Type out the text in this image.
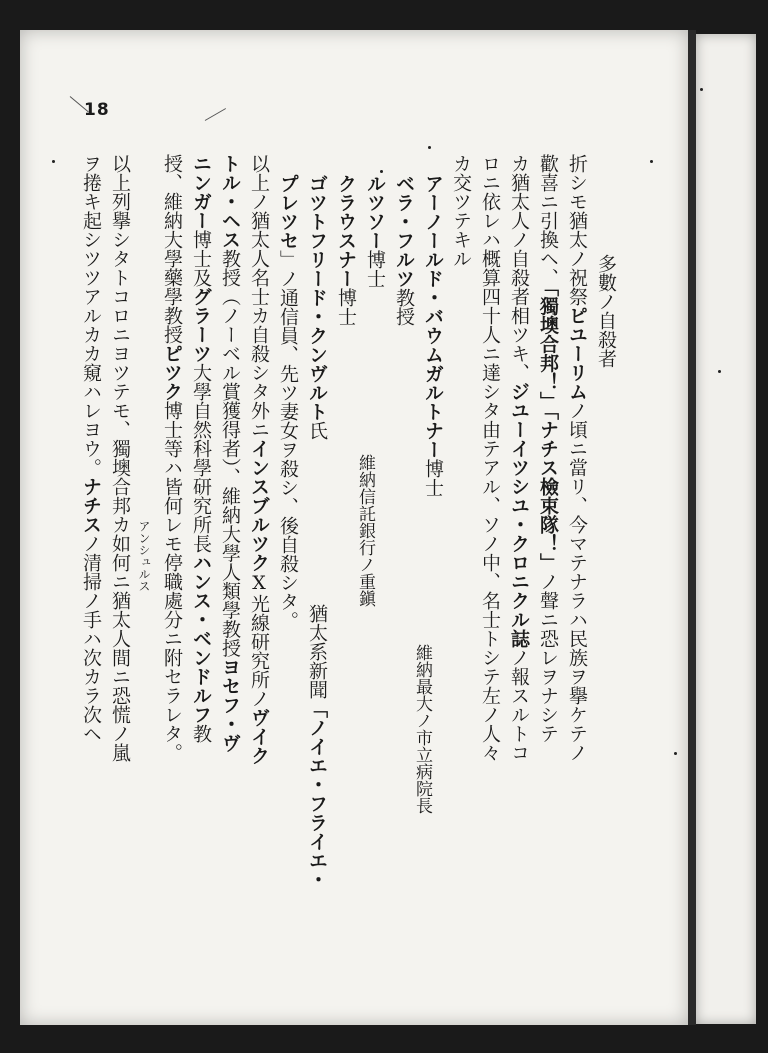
18
多數ノ自殺者
折シモ猶太ノ祝祭ピユーリムノ頃ニ當リ、今マテナラハ民族ヲ擧ケテノ
歡喜ニ引換ヘ、「獨墺合邦！」「ナチス檢束隊！」ノ聲ニ恐レヲナシテ
カ猶太人ノ自殺者相ツキ、ジユーイツシユ・クロニクル誌ノ報スルトコ
ロニ依レハ概算四十人ニ達シタ由テアル、ソノ中、名士トシテ左ノ人々
カ交ツテキル
アーノールド・バウムガルトナー博士
維納最大ノ市立病院長
ベラ・フルツ教授
ルツソー博士
維納信託銀行ノ重鎭
クラウスナー博士
ゴツトフリード・クンヴルト氏
猶太系新聞「ノイエ・フライエ・
プレツセ」ノ通信員、先ツ妻女ヲ殺シ、後自殺シタ。
以上ノ猶太人名士カ自殺シタ外ニインスブルツクX光線研究所ノヴイク
トル・ヘス教授（ノーベル賞獲得者）、維納大學人類學教授ヨセフ・ヴ
ニンガー博士及グラーツ大學自然科學研究所長ハンス・ベンドルフ教
授、維納大學藥學教授ピツク博士等ハ皆何レモ停職處分ニ附セラレタ。
アンシュルス
以上列擧シタトコロニヨツテモ、獨墺合邦カ如何ニ猶太人間ニ恐慌ノ嵐
ヲ捲キ起シツツアルカカ窺ハレヨウ。ナチスノ清掃ノ手ハ次カラ次ヘ
